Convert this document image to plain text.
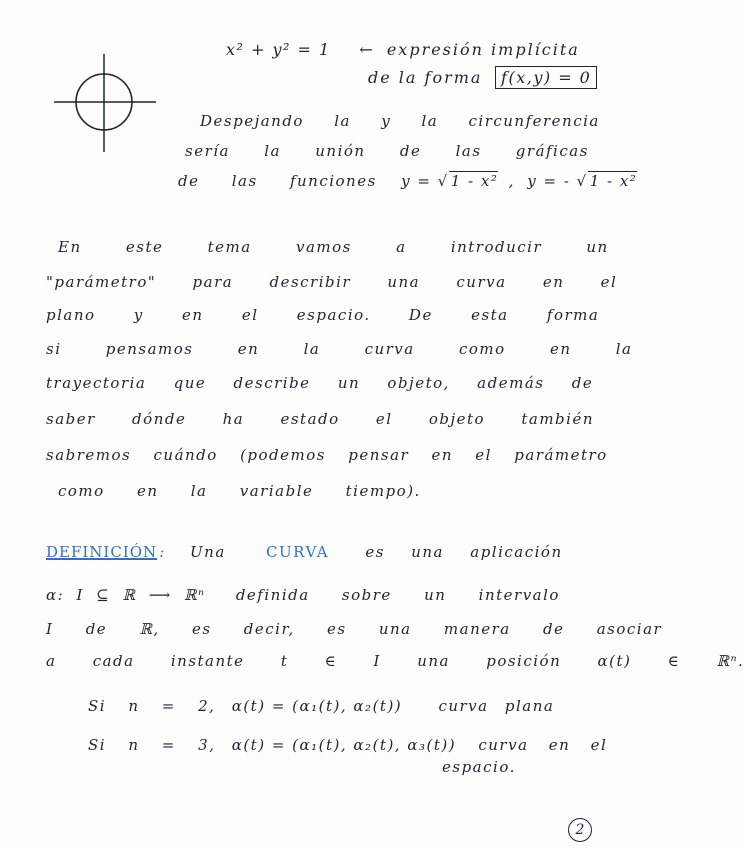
x² + y² = 1 ← expresión implícita
de la forma f(x,y) = 0
Despejando la y la circunferencia
sería la unión de las gráficas
de las funciones y = √ 1 - x² , y = - √ 1 - x²
En este tema vamos a introducir un
"parámetro" para describir una curva en el
plano y en el espacio. De esta forma
si pensamos en la curva como en la
trayectoria que describe un objeto, además de
saber dónde ha estado el objeto también
sabremos cuándo (podemos pensar en el parámetro
como en la variable tiempo).
DEFINICIÓN : Una	CURVA es una aplicación
α: I ⊆ ℝ ⟶ ℝⁿ definida sobre un intervalo
I de ℝ, es decir, es una manera de asociar
a cada instante t ∈ I una posición α(t) ∈ ℝⁿ.
Si n = 2, α(t) = (α₁(t), α₂(t)) curva plana
Si n = 3, α(t) = (α₁(t), α₂(t), α₃(t)) curva en el
espacio.
2
